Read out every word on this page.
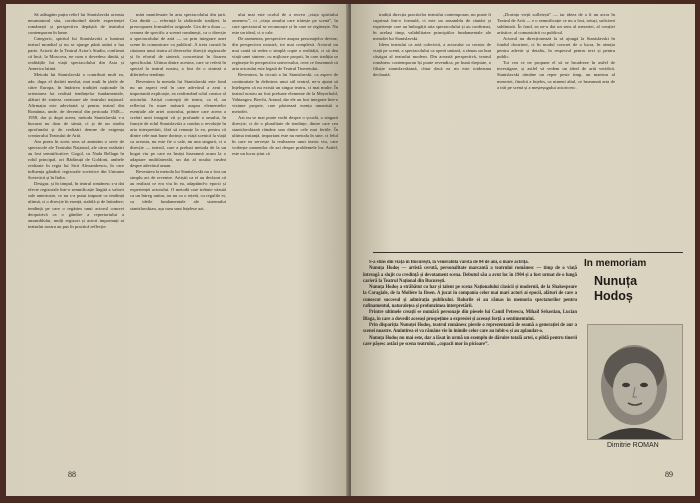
Să adăugăm puțin relief lui Stanislavski aceasta neurmatorul său, coroborând datele experienței românești și perspectiva depășită de teatrului contemporan în lume.

Categoric, spiritul lui Stanislavski a luminat teatrul mondial și nu se ajunge până astăzi a lua parte. Actorii de la Teatrul Actor's Studio, confirmă că încă, la Moscova, ne cum o dovedesc dintăi, și realitățile lui viață spectacolului din Asia și America latină.

Metoda lui Stanislavski a contribuit mult ea, ade, dupa el dotării meslui, mai mult în țările de către Europa, în întărirea tradiției naționale în orientarea lor realistă tendințelor fundamentale, alături de sinteza creatoare ale teatrului național. Afirmația este adevărată și pentru teatrul din România, unde, de deceniul din perioada 1948—1958, dar și după aceea, metoda Stanislavski s-a bucurat nu doar de stimă, ci și de un studiu aprofundat și de realizări demne de exigența creatorului Teatrului de Artă.

Am putea în acest sens să amintim o serie de spectacole ale Teatrului Național, ale căror realizări au fost semnificative: Gogol, cu Nada Bellagn în rolul principal, ori Bădăruță de Goldoni, ambele realizate în regia lui Sică Alexandrescu, în care influența gândirii regizorale sovietice din Uniunea Sovietică și în Italia.

Desigur, și în timpul, în teatrul românesc s-a dat efecte regizorale într-o semnificație lărgită a valorii sale anterioare, ce nu s-a putut impune ca tendință ultimă, ci o direcție în esență, stabilă și de întindere; tendință pe care o regăsim unui actorul concret deopotrivă ca o gândire a repertoriului a ansamblului, mulți regizori și actori importanți ai teatrului nostru au pus în practică reflecție.

mări manifestate în arta spectacolului din țară. Cea dintâi — referință la rădăcinile tradiției, la preocuparea formulelor originale. Cea de-a doua — crearea de specific a scenei românești, ca o direcție a spectacolului de artă — ca prin integrare unei scene în comunicare cu publicul. A treia constă în căutarea unui teatru al diverselor direcții regizorale și în efortul de sinteză, concretizat în fixarea specificului. Ultima dintre acestea, care se referă în special la teatrul nostru, a fost de o sinteză a diferitelor tendințe.

Revenirea la metoda lui Stanislavski este fond nu un aspect real în care adevărul a avut o importantă explicație, ea reafirmând rolul creator al actorului. Artiști concepți de teatru, ca el, au reflectat în mare măsură asupra elementelor esențiale ale artei actorului, printre care aceea a creării unei imagini vii și profunde a omului, în funcție de rolul Stanislavski a condus o revoluție în arta interpretării, fără să renunțe la ea, pentru că dintre cele mai bune dorințe, o viață scenică la viață ca aceasta, nu este fie o cale, nu una singură, ci o direcție — teatrul, care a preluat metoda de la un bogat viu pe care ea însăși înseamnă acum la o adaptare multilaterală, un dat al noului cuvânt despre adevărul uman.

Revenirea la metoda lui Stanislavski nu a fost un simplu act de revenire. Artiștii ca ei au declarat că au realizat ce era viu în ea, adaptând-o epocii și experienței actorului. O metodă care trebuie văzută ca un întreg unitar, iar nu ca o rețetă, cu regulile ei, ca ideile fundamentale ale sistemului stanislavskian, așa cum sunt înțelese azi.

ului mai este ocolul de a recrea „viața spiritului omenesc”, ci „viața omului care trăiește pe scenă”, în care spectatorul se recunoaște și în care se regăsește. Nu este un ideal, ci o cale.

De asemenea, perspective asupra personajelor devine, din perspectiva noastră, tot mai complexă. Actorul nu mai caută să redea o simplă copie a realității, ci să dea viață unei sinteze, cu mijloace proprii, în care tradiția se regăsește în perspectiva universului, ceea ce înseamnă că arta actorului este legată de Teatrul Tineretului.

Revenirea, în circuit a lui Stanislavski, ca aspect de continuitate în definirea unui stil teatral, ne-a ajutat să înțelegem că nu există un singur teatru, ci mai multe. În teatrul nostru au fost preluate elemente de la Meyerhold, Vahtangov, Brecht, Artaud, dar ele au fost integrate într-o viziune proprie, care păstrează esența umanistă a metodei.

Azi nu se mai poate vorbi despre o școală, o singură direcție, ci de o pluralitate de tendințe, dintre care cea stanislavskiană rămâne una dintre cele mai fertile. În ultima instanță, important este nu metoda în sine, ci felul în care ea servește la realizarea unui teatru viu, care vorbește oamenilor de azi despre problemele lor. Astfel, este un lucru știut că

88

tradiții direcția practicilor teatrului contemporan, nu poate fi cuprinsă într-o formulă, ci este un ansamblu de căutări și experiențe care au îmbogățit arta spectacolului și au confirmat, în același timp, valabilitatea principiilor fundamentale ale metodei lui Stanislavski.

Ideea teatrului ca artă colectivă, a actorului ca creator de viață pe scenă, a spectacolului ca operă unitară, a rămas un bun câștigat al teatrului modern. Din această perspectivă, teatrul românesc contemporan își poate revendica, pe bună dreptate, o filiație stanislavskiană, chiar dacă ea nu este totdeauna declarată.

„Dorința vieții sufletești” — iar ideea de a fi un actor în Teatrul de Artă — e o semnificație ce nu a fost, totuși, suficient subliniată. În fond, ea ne-a dat un sens al meseriei, al creației artistice, al comunicării cu publicul.

Actorul nu direcționează la să ajungă la Stanislavski în fondul doctrinei, ci în modul concret de a lucra, în atenția pentru adevăr și detaliu, în respectul pentru text și pentru public.

Tot cea ce ne propune el să se încadreze în astfel de investigare, și astfel să vedem un ideal de artă veridică. Stanislavski rămâne un reper peste timp, un maestru al meseriei, fiindcă a înțeles, ca nimeni altul, ce înseamnă arta de a trăi pe scenă și a meșteșugului actoricesc.

S-a stins din viață în București, la venerabila vârstă de 84 de ani, o mare actriță.

Nunuța Hodoș — artistă cerută, personalitate marcantă a teatrului românesc — timp de o viață întreagă a slujit cu credință și devotament scena. Debutul său a avut loc în 1904 și a fost urmat de o lungă carieră la Teatrul Național din București.

Nunuța Hodoș a străbătut cu har și talent pe scena Naționalului clasicii și modernii, de la Shakespeare la Caragiale, de la Molière la Ibsen. A jucat în compania celor mai mari actori ai epocii, alături de care a cunoscut succesul și admirația publicului. Rolurile ei au rămas în memoria spectatorilor pentru rafinamentul, naturalețea și profunzimea interpretării.

Printre ultimele creații se numără personaje din piesele lui Camil Petrescu, Mihail Sebastian, Lucian Blaga, în care a dovedit aceeași prospețime a expresiei și aceeași forță a sentimentului.

Prin dispariția Nunuței Hodoș, teatrul românesc pierde o reprezentantă de seamă a generației de aur a scenei noastre. Amintirea ei va rămâne vie în inimile celor care au iubit-o și au aplaudat-o.

Nunuța Hodoș nu mai este, dar a lăsat în urmă un exemplu de dăruire totală artei, o pildă pentru tinerii care pășesc astăzi pe scena teatrului, „copacii mor în picioare”.

In memoriam
Nunuța
Hodoș
Dimitrie ROMAN
89
